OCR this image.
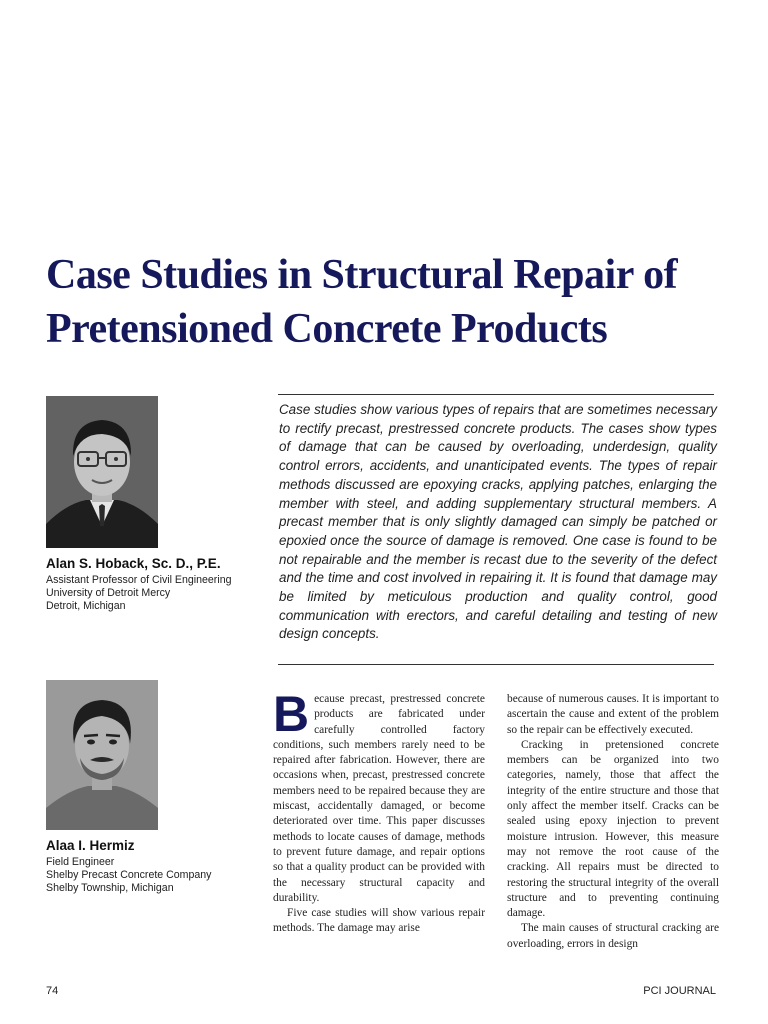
Case Studies in Structural Repair of
Pretensioned Concrete Products
Case studies show various types of repairs that are sometimes necessary to rectify precast, prestressed concrete products. The cases show types of damage that can be caused by overloading, underdesign, quality control errors, accidents, and unanticipated events. The types of repair methods discussed are epoxying cracks, applying patches, enlarging the member with steel, and adding supplementary structural members. A precast member that is only slightly damaged can simply be patched or epoxied once the source of damage is removed. One case is found to be not repairable and the member is recast due to the severity of the defect and the time and cost involved in repairing it. It is found that damage may be limited by meticulous production and quality control, good communication with erectors, and careful detailing and testing of new design concepts.
Alan S. Hoback, Sc. D., P.E.
Assistant Professor of Civil Engineering
University of Detroit Mercy
Detroit, Michigan
Alaa I. Hermiz
Field Engineer
Shelby Precast Concrete Company
Shelby Township, Michigan

Because precast, prestressed concrete products are fabricated under carefully controlled factory conditions, such members rarely need to be repaired after fabrication. However, there are occasions when, precast, prestressed concrete members need to be repaired because they are miscast, accidentally damaged, or become deteriorated over time. This paper discusses methods to locate causes of damage, methods to prevent future damage, and repair options so that a quality product can be provided with the necessary structural capacity and durability.

Five case studies will show various repair methods. The damage may arise

because of numerous causes. It is important to ascertain the cause and extent of the problem so the repair can be effectively executed.

Cracking in pretensioned concrete members can be organized into two categories, namely, those that affect the integrity of the entire structure and those that only affect the member itself. Cracks can be sealed using epoxy injection to prevent moisture intrusion. However, this measure may not remove the root cause of the cracking. All repairs must be directed to restoring the structural integrity of the overall structure and to preventing continuing damage.

The main causes of structural cracking are overloading, errors in design

74	PCI JOURNAL
